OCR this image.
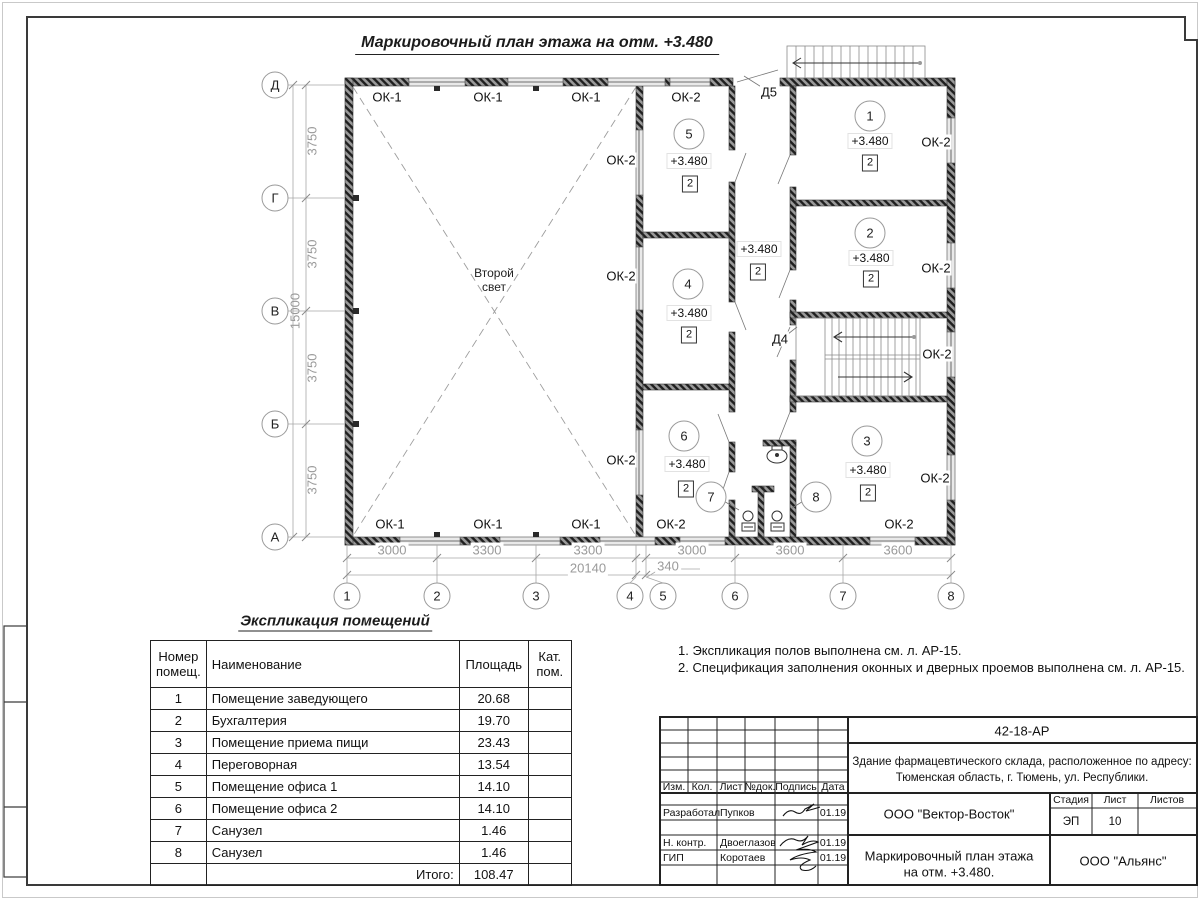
Маркировочный план этажа на отм. +3.480
Второй
свет
ОК-1	ОК-1	ОК-1	ОК-2
ОК-2
ОК-2
ОК-2
ОК-2
ОК-2
ОК-2
ОК-2
ОК-1	ОК-1	ОК-1	ОК-2	ОК-2
Д5
Д4
+3.480
+3.480
+3.480
+3.480
+3.480
+3.480
+3.480
2
2
2
2
2
2
2
1
2
3
4
5
6
7	8
Д
Г
В
Б
А
1	2	3	4	5	6	7	8
3000	3300	3300	3000	3600	3600
20140	340
3750
3750
3750
3750
15000
Экспликация помещений
Номер помещ.	Наименование	Площадь	Кат. пом.
1	Помещение заведующего	20.68	
2	Бухгалтерия	19.70	
3	Помещение приема пищи	23.43	
4	Переговорная	13.54	
5	Помещение офиса 1	14.10	
6	Помещение офиса 2	14.10	
7	Санузел	1.46	
8	Санузел	1.46	
	Итого:	108.47	
1. Экспликация полов выполнена см. л. АР-15.
2. Спецификация заполнения оконных и дверных проемов выполнена см. л. АР-15.
42-18-АР
Здание фармацевтического склада, расположенное по адресу:
Тюменская область, г. Тюмень, ул. Республики.
ООО "Вектор-Восток"
Стадия Лист Листов
ЭП	10
Маркировочный план этажа
на отм. +3.480.
ООО "Альянс"
Изм. Кол. Лист №док. Подпись Дата
Разработал Пупков	01.19
Н. контр. Двоеглазов	01.19
ГИП	Коротаев	01.19
